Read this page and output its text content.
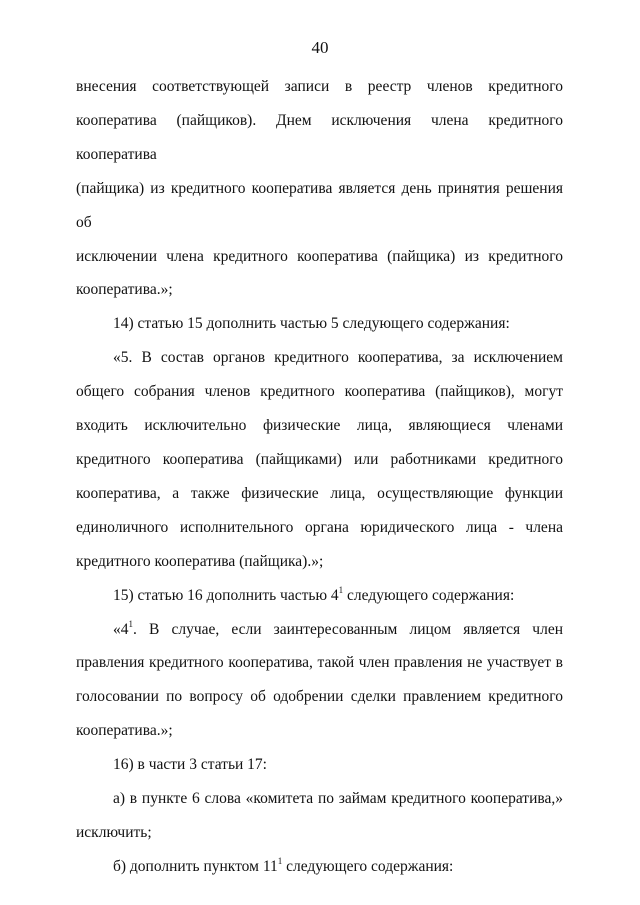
40

внесения соответствующей записи в реестр членов кредитного

кооператива (пайщиков). Днем исключения члена кредитного кооператива

(пайщика) из кредитного кооператива является день принятия решения об

исключении члена кредитного кооператива (пайщика) из кредитного

кооператива.»;

14) статью 15 дополнить частью 5 следующего содержания:

«5. В состав органов кредитного кооператива, за исключением

общего собрания членов кредитного кооператива (пайщиков), могут

входить исключительно физические лица, являющиеся членами

кредитного кооператива (пайщиками) или работниками кредитного

кооператива, а также физические лица, осуществляющие функции

единоличного исполнительного органа юридического лица - члена

кредитного кооператива (пайщика).»;

15) статью 16 дополнить частью $4^1$ следующего содержания:

«$4^1$. В случае, если заинтересованным лицом является член

правления кредитного кооператива, такой член правления не участвует в

голосовании по вопросу об одобрении сделки правлением кредитного

кооператива.»;

16) в части 3 статьи 17:

а) в пункте 6 слова «комитета по займам кредитного кооператива,»

исключить;

б) дополнить пунктом $11^1$ следующего содержания:
